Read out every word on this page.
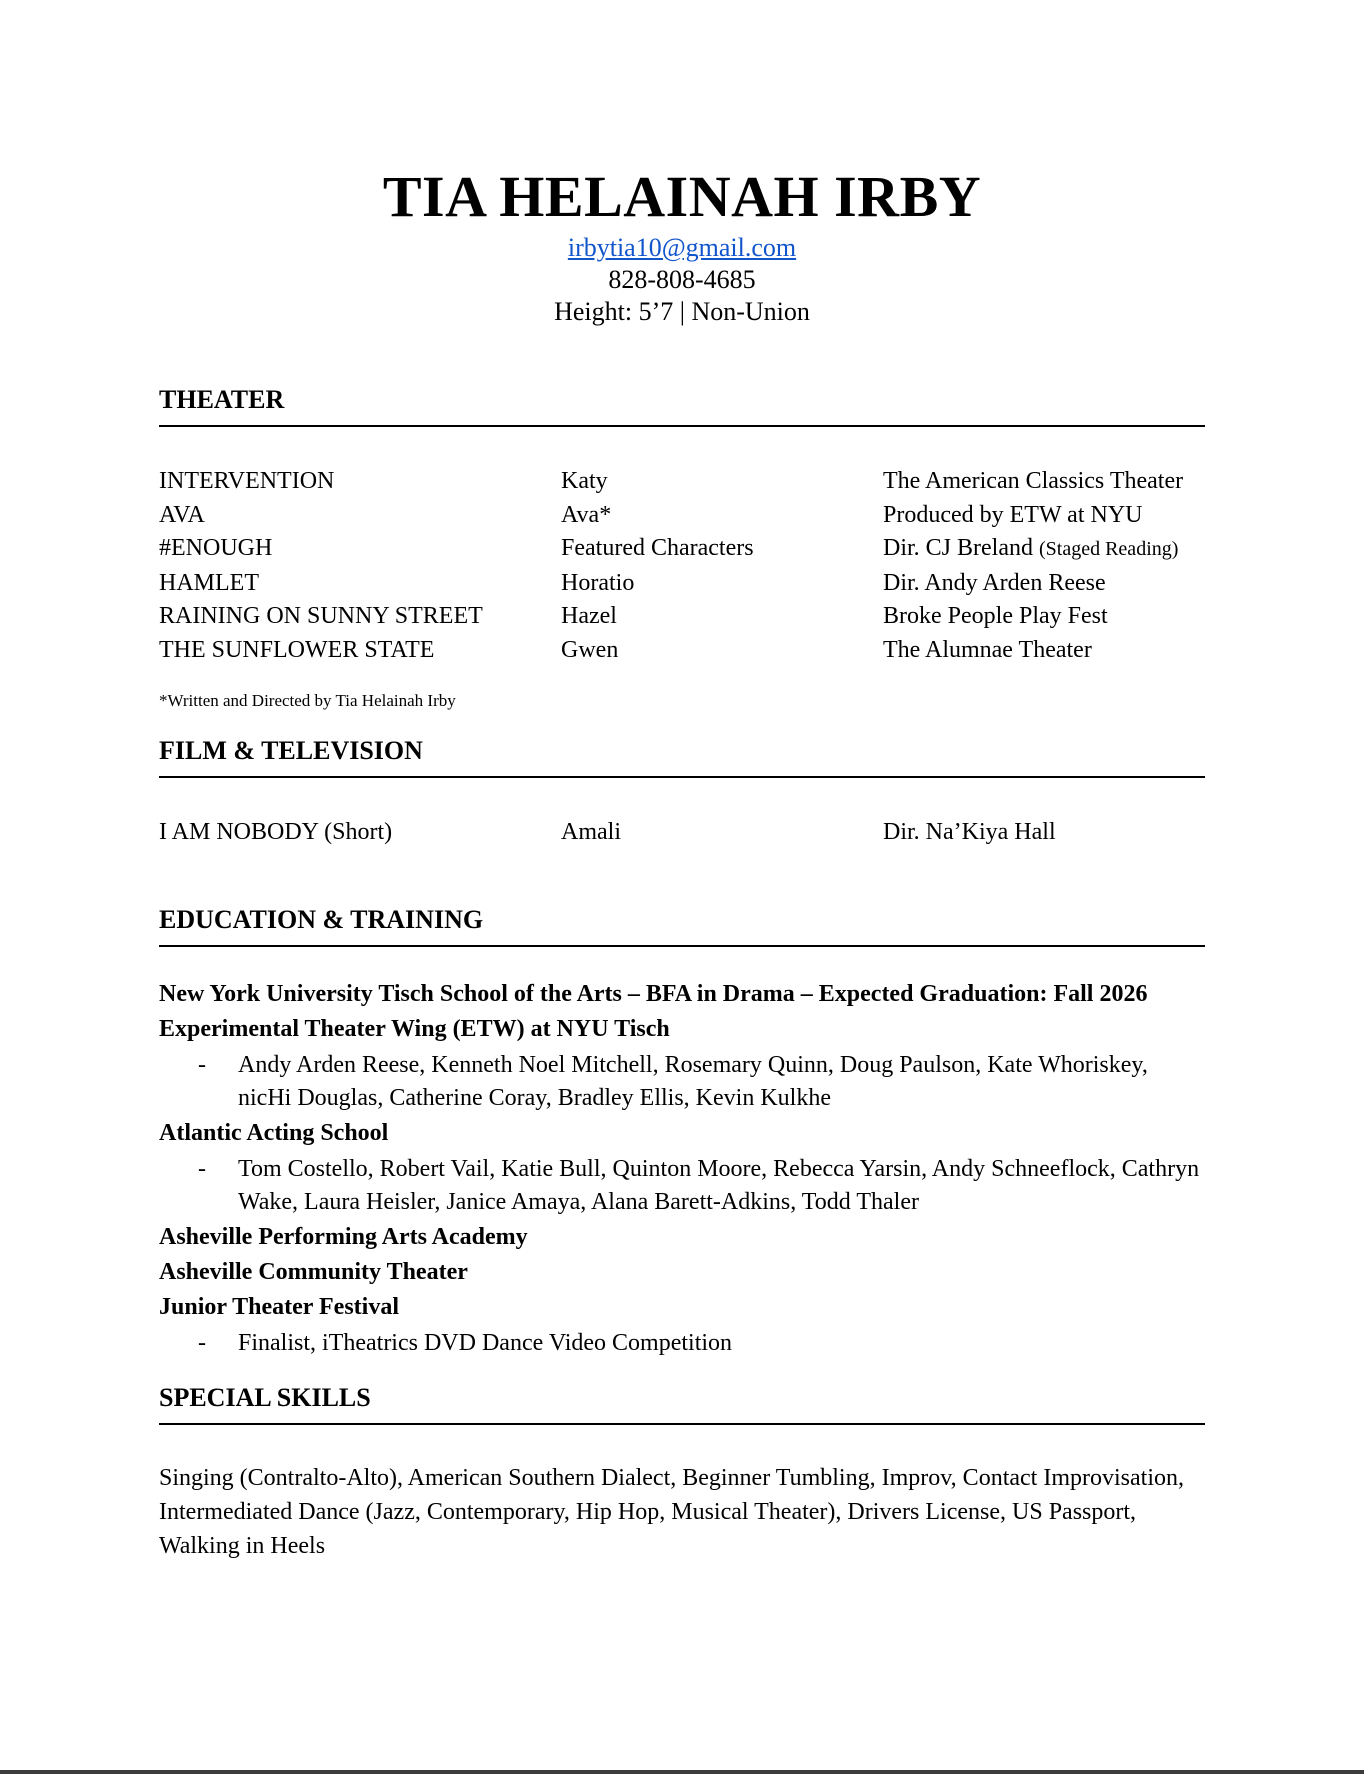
TIA HELAINAH IRBY
irbytia10@gmail.com
828-808-4685
Height: 5’7 | Non-Union
THEATER
INTERVENTION	Katy	The American Classics Theater
AVA	Ava*	Produced by ETW at NYU
#ENOUGH	Featured Characters	Dir. CJ Breland (Staged Reading)
HAMLET	Horatio	Dir. Andy Arden Reese
RAINING ON SUNNY STREET	Hazel	Broke People Play Fest
THE SUNFLOWER STATE	Gwen	The Alumnae Theater
*Written and Directed by Tia Helainah Irby
FILM & TELEVISION
I AM NOBODY (Short)	Amali	Dir. Na’Kiya Hall
EDUCATION & TRAINING
New York University Tisch School of the Arts – BFA in Drama – Expected Graduation: Fall 2026
Experimental Theater Wing (ETW) at NYU Tisch
-	Andy Arden Reese, Kenneth Noel Mitchell, Rosemary Quinn, Doug Paulson, Kate Whoriskey, nicHi Douglas, Catherine Coray, Bradley Ellis, Kevin Kulkhe
Atlantic Acting School
-	Tom Costello, Robert Vail, Katie Bull, Quinton Moore, Rebecca Yarsin, Andy Schneeflock, Cathryn Wake, Laura Heisler, Janice Amaya, Alana Barett-Adkins, Todd Thaler
Asheville Performing Arts Academy
Asheville Community Theater
Junior Theater Festival
-	Finalist, iTheatrics DVD Dance Video Competition
SPECIAL SKILLS
Singing (Contralto-Alto), American Southern Dialect, Beginner Tumbling, Improv, Contact Improvisation, Intermediated Dance (Jazz, Contemporary, Hip Hop, Musical Theater), Drivers License, US Passport, Walking in Heels
